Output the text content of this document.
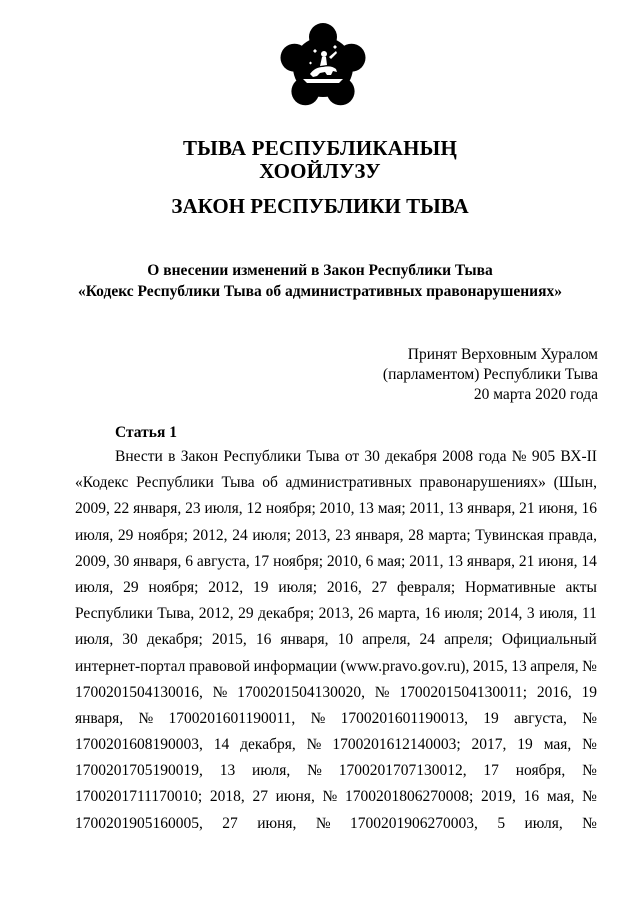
ТЫВА РЕСПУБЛИКАНЫҢ
ХООЙЛУЗУ
ЗАКОН РЕСПУБЛИКИ ТЫВА
О внесении изменений в Закон Республики Тыва
«Кодекс Республики Тыва об административных правонарушениях»
Принят Верховным Хуралом
(парламентом) Республики Тыва
20 марта 2020 года
Статья 1
Внести в Закон Республики Тыва от 30 декабря 2008 года № 905 ВХ-II
«Кодекс Республики Тыва об административных правонарушениях» (Шын,
2009, 22 января, 23 июля, 12 ноября; 2010, 13 мая; 2011, 13 января, 21 июня, 16
июля, 29 ноября; 2012, 24 июля; 2013, 23 января, 28 марта; Тувинская правда,
2009, 30 января, 6 августа, 17 ноября; 2010, 6 мая; 2011, 13 января, 21 июня, 14
июля, 29 ноября; 2012, 19 июля; 2016, 27 февраля; Нормативные акты
Республики Тыва, 2012, 29 декабря; 2013, 26 марта, 16 июля; 2014, 3 июля, 11
июля, 30 декабря; 2015, 16 января, 10 апреля, 24 апреля; Официальный
интернет-портал правовой информации (www.pravo.gov.ru), 2015, 13 апреля, №
1700201504130016, № 1700201504130020, № 1700201504130011; 2016, 19
января, № 1700201601190011, № 1700201601190013, 19 августа, №
1700201608190003, 14 декабря, № 1700201612140003; 2017, 19 мая, №
1700201705190019, 13 июля, № 1700201707130012, 17 ноября, №
1700201711170010; 2018, 27 июня, № 1700201806270008; 2019, 16 мая, №
1700201905160005, 27 июня, № 1700201906270003, 5 июля, №
